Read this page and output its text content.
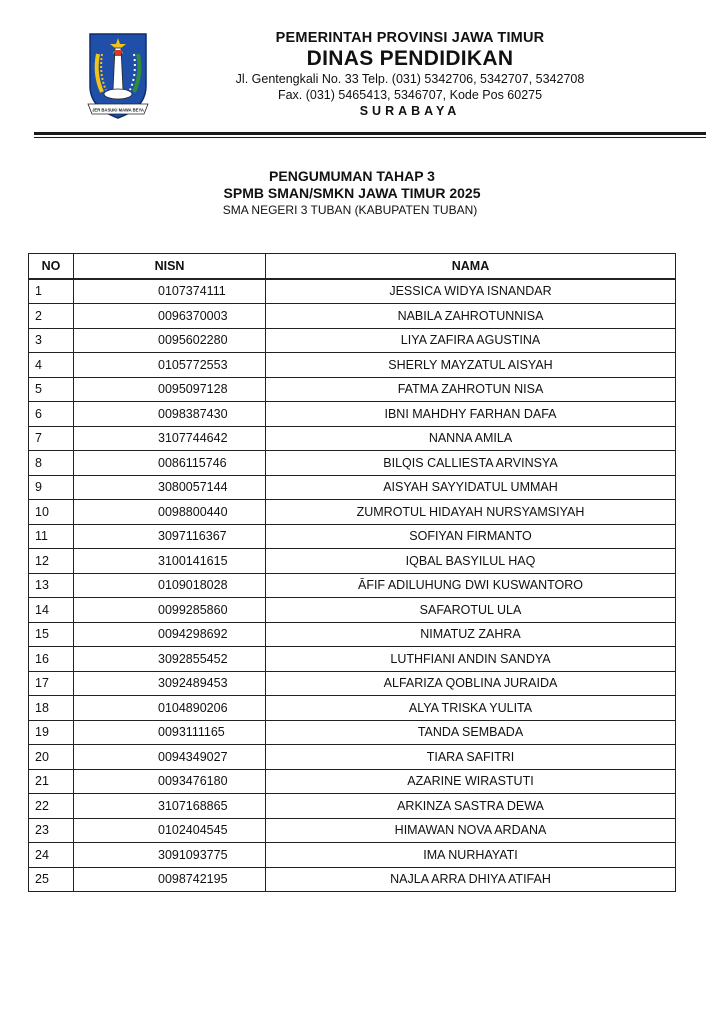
JER BASUKI MAWA BEYA
PEMERINTAH PROVINSI JAWA TIMUR
DINAS PENDIDIKAN
Jl. Gentengkali No. 33 Telp. (031) 5342706, 5342707, 5342708
Fax. (031) 5465413, 5346707, Kode Pos 60275
SURABAYA
PENGUMUMAN TAHAP 3
SPMB SMAN/SMKN JAWA TIMUR 2025
SMA NEGERI 3 TUBAN (KABUPATEN TUBAN)
NO	NISN	NAMA
1	0107374111	JESSICA WIDYA ISNANDAR
2	0096370003	NABILA ZAHROTUNNISA
3	0095602280	LIYA ZAFIRA AGUSTINA
4	0105772553	SHERLY MAYZATUL AISYAH
5	0095097128	FATMA ZAHROTUN NISA
6	0098387430	IBNI MAHDHY FARHAN DAFA
7	3107744642	NANNA AMILA
8	0086115746	BILQIS CALLIESTA ARVINSYA
9	3080057144	AISYAH SAYYIDATUL UMMAH
10	0098800440	ZUMROTUL HIDAYAH NURSYAMSIYAH
11	3097116367	SOFIYAN FIRMANTO
12	3100141615	IQBAL BASYILUL HAQ
13	0109018028	ĀFIF ADILUHUNG DWI KUSWANTORO
14	0099285860	SAFAROTUL ULA
15	0094298692	NIMATUZ ZAHRA
16	3092855452	LUTHFIANI ANDIN SANDYA
17	3092489453	ALFARIZA QOBLINA JURAIDA
18	0104890206	ALYA TRISKA YULITA
19	0093111165	TANDA SEMBADA
20	0094349027	TIARA SAFITRI
21	0093476180	AZARINE WIRASTUTI
22	3107168865	ARKINZA SASTRA DEWA
23	0102404545	HIMAWAN NOVA ARDANA
24	3091093775	IMA NURHAYATI
25	0098742195	NAJLA ARRA DHIYA ATIFAH
